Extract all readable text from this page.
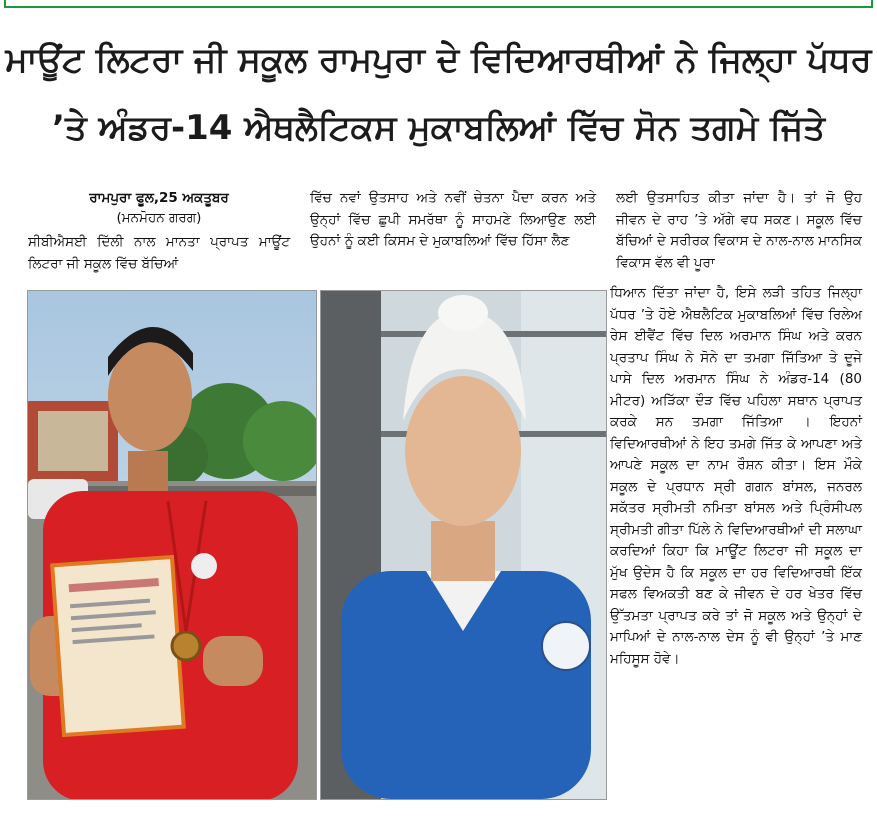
ਮਾਊਂਟ ਲਿਟਰਾ ਜੀ ਸਕੂਲ ਰਾਮਪੁਰਾ ਦੇ ਵਿਦਿਆਰਥੀਆਂ ਨੇ ਜਿਲ੍ਹਾ ਪੱਧਰ
’ਤੇ ਅੰਡਰ-14 ਐਥਲੈਟਿਕਸ ਮੁਕਾਬਲਿਆਂ ਵਿੱਚ ਸੋਨ ਤਗਮੇ ਜਿੱਤੇ
ਰਾਮਪੁਰਾ ਫੂਲ,25 ਅਕਤੂਬਰ
(ਮਨਮੋਹਨ ਗਰਗ)

ਸੀਬੀਐਸਈ ਦਿੱਲੀ ਨਾਲ ਮਾਨਤਾ ਪ੍ਰਾਪਤ ਮਾਊਂਟ ਲਿਟਰਾ ਜੀ ਸਕੂਲ ਵਿੱਚ ਬੱਚਿਆਂ

ਵਿੱਚ ਨਵਾਂ ਉਤਸਾਹ ਅਤੇ ਨਵੀਂ ਚੇਤਨਾ ਪੈਦਾ ਕਰਨ ਅਤੇ ਉਨ੍ਹਾਂ ਵਿੱਚ ਛੁਪੀ ਸਮਰੱਥਾ ਨੂੰ ਸਾਹਮਣੇ ਲਿਆਉਣ ਲਈ ਉਹਨਾਂ ਨੂੰ ਕਈ ਕਿਸਮ ਦੇ ਮੁਕਾਬਲਿਆਂ ਵਿੱਚ ਹਿੱਸਾ ਲੈਣ

ਲਈ ਉਤਸਾਹਿਤ ਕੀਤਾ ਜਾਂਦਾ ਹੈ। ਤਾਂ ਜੋ ਉਹ ਜੀਵਨ ਦੇ ਰਾਹ ’ਤੇ ਅੱਗੇ ਵਧ ਸਕਣ। ਸਕੂਲ ਵਿੱਚ ਬੱਚਿਆਂ ਦੇ ਸਰੀਰਕ ਵਿਕਾਸ ਦੇ ਨਾਲ-ਨਾਲ ਮਾਨਸਿਕ ਵਿਕਾਸ ਵੱਲ ਵੀ ਪੂਰਾ

ਧਿਆਨ ਦਿੱਤਾ ਜਾਂਦਾ ਹੈ, ਇਸੇ ਲੜੀ ਤਹਿਤ ਜਿਲ੍ਹਾ ਪੱਧਰ ’ਤੇ ਹੋਏ ਐਥਲੈਟਿਕ ਮੁਕਾਬਲਿਆਂ ਵਿੱਚ ਰਿਲੇਅ ਰੇਸ ਈਵੈਂਟ ਵਿੱਚ ਦਿਲ ਅਰਮਾਨ ਸਿੰਘ ਅਤੇ ਕਰਨ ਪ੍ਰਤਾਪ ਸਿੰਘ ਨੇ ਸੋਨੇ ਦਾ ਤਮਗਾ ਜਿੱਤਿਆ ਤੇ ਦੂਜੇ ਪਾਸੇ ਦਿਲ ਅਰਮਾਨ ਸਿੰਘ ਨੇ ਅੰਡਰ-14 (80 ਮੀਟਰ) ਅੜਿੱਕਾ ਦੌੜ ਵਿੱਚ ਪਹਿਲਾ ਸਥਾਨ ਪ੍ਰਾਪਤ ਕਰਕੇ ਸਨ ਤਮਗਾ ਜਿੱਤਿਆ । ਇਹਨਾਂ ਵਿਦਿਆਰਥੀਆਂ ਨੇ ਇਹ ਤਮਗੇ ਜਿੱਤ ਕੇ ਆਪਣਾ ਅਤੇ ਆਪਣੇ ਸਕੂਲ ਦਾ ਨਾਮ ਰੌਸ਼ਨ ਕੀਤਾ। ਇਸ ਮੌਕੇ ਸਕੂਲ ਦੇ ਪ੍ਰਧਾਨ ਸ੍ਰੀ ਗਗਨ ਬਾਂਸਲ, ਜਨਰਲ ਸਕੱਤਰ ਸ੍ਰੀਮਤੀ ਨਮਿਤਾ ਬਾਂਸਲ ਅਤੇ ਪ੍ਰਿੰਸੀਪਲ ਸ੍ਰੀਮਤੀ ਗੀਤਾ ਪਿੱਲੇ ਨੇ ਵਿਦਿਆਰਥੀਆਂ ਦੀ ਸਲਾਘਾ ਕਰਦਿਆਂ ਕਿਹਾ ਕਿ ਮਾਊਂਟ ਲਿਟਰਾ ਜੀ ਸਕੂਲ ਦਾ ਮੁੱਖ ਉਦੇਸ ਹੈ ਕਿ ਸਕੂਲ ਦਾ ਹਰ ਵਿਦਿਆਰਥੀ ਇੱਕ ਸਫਲ ਵਿਅਕਤੀ ਬਣ ਕੇ ਜੀਵਨ ਦੇ ਹਰ ਖੇਤਰ ਵਿੱਚ ਉੱਤਮਤਾ ਪ੍ਰਾਪਤ ਕਰੇ ਤਾਂ ਜੋ ਸਕੂਲ ਅਤੇ ਉਨ੍ਹਾਂ ਦੇ ਮਾਪਿਆਂ ਦੇ ਨਾਲ-ਨਾਲ ਦੇਸ ਨੂੰ ਵੀ ਉਨ੍ਹਾਂ ’ਤੇ ਮਾਣ ਮਹਿਸੂਸ ਹੋਵੇ।
